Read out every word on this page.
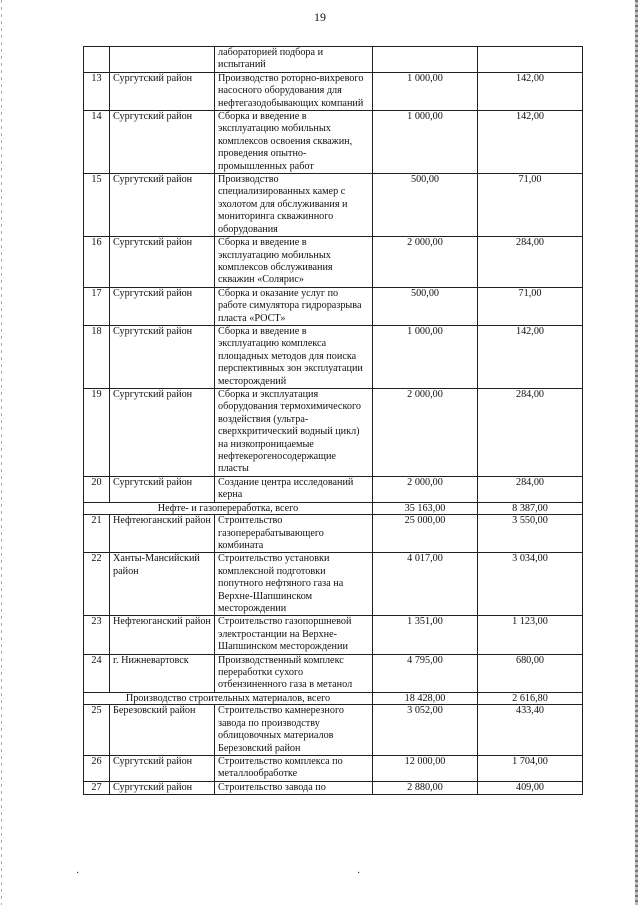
19
		лабораторией подбора и испытаний		
13	Сургутский район	Производство роторно-вихревого насосного оборудования для нефтегазодобывающих компаний	1 000,00	142,00
14	Сургутский район	Сборка и введение в эксплуатацию мобильных комплексов освоения скважин, проведения опытно-промышленных работ	1 000,00	142,00
15	Сургутский район	Производство специализированных камер с эхолотом для обслуживания и мониторинга скважинного оборудования	500,00	71,00
16	Сургутский район	Сборка и введение в эксплуатацию мобильных комплексов обслуживания скважин «Солярис»	2 000,00	284,00
17	Сургутский район	Сборка и оказание услуг по работе симулятора гидроразрыва пласта «РОСТ»	500,00	71,00
18	Сургутский район	Сборка и введение в эксплуатацию комплекса площадных методов для поиска перспективных зон эксплуатации месторождений	1 000,00	142,00
19	Сургутский район	Сборка и эксплуатация оборудования термохимического воздействия (ультра-сверхкритический водный цикл) на низкопроницаемые нефтекерогеносодержащие пласты	2 000,00	284,00
20	Сургутский район	Создание центра исследований керна	2 000,00	284,00
Нефте- и газопереработка, всего			35 163,00	8 387,00
21	Нефтеюганский район	Строительство газоперерабатывающего комбината	25 000,00	3 550,00
22	Ханты-Мансийский район	Строительство установки комплексной подготовки попутного нефтяного газа на Верхне-Шапшинском месторождении	4 017,00	3 034,00
23	Нефтеюганский район	Строительство газопоршневой электростанции на Верхне-Шапшинском месторождении	1 351,00	1 123,00
24	г. Нижневартовск	Производственный комплекс переработки сухого отбензиненного газа в метанол	4 795,00	680,00
Производство строительных материалов, всего			18 428,00	2 616,80
25	Березовский район	Строительство камнерезного завода по производству облицовочных материалов Березовский район	3 052,00	433,40
26	Сургутский район	Строительство комплекса по металлообработке	12 000,00	1 704,00
27	Сургутский район	Строительство завода по	2 880,00	409,00
·	·
